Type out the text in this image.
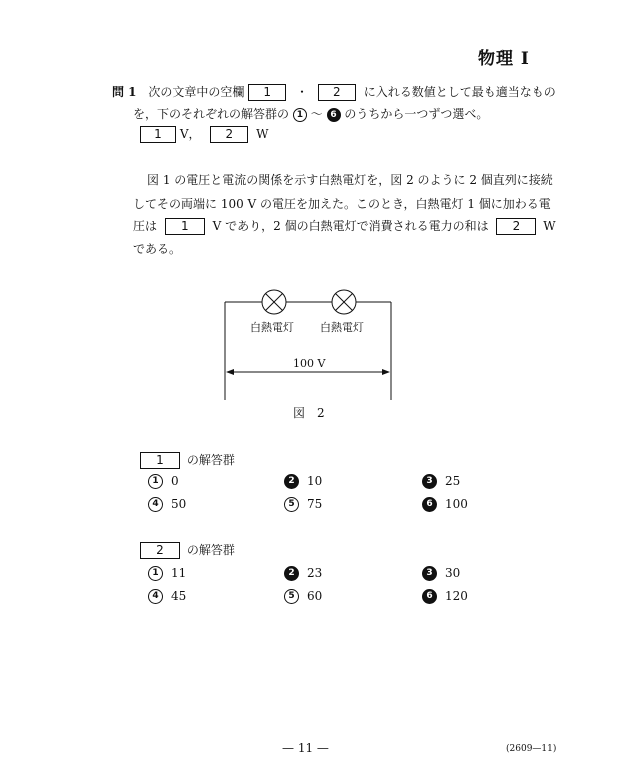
物理 I
問 1 次の文章中の空欄 1 ・ 2 に入れる数値として最も適当なもの
を，下のそれぞれの解答群の 1 ～ 6 のうちから一つずつ選べ。
1 V， 2 W
図 1 の電圧と電流の関係を示す白熱電灯を，図 2 のように 2 個直列に接続
してその両端に 100 V の電圧を加えた。このとき，白熱電灯 1 個に加わる電
圧は 1 V であり，2 個の白熱電灯で消費される電力の和は 2 W
である。
白熱電灯 白熱電灯
100 V
図　2
1 の解答群
1 0	2 10	3 25
4 50	5 75	6 100
2 の解答群
1 11	2 23	3 30
4 45	5 60	6 120
— 11 —	(2609—11)
